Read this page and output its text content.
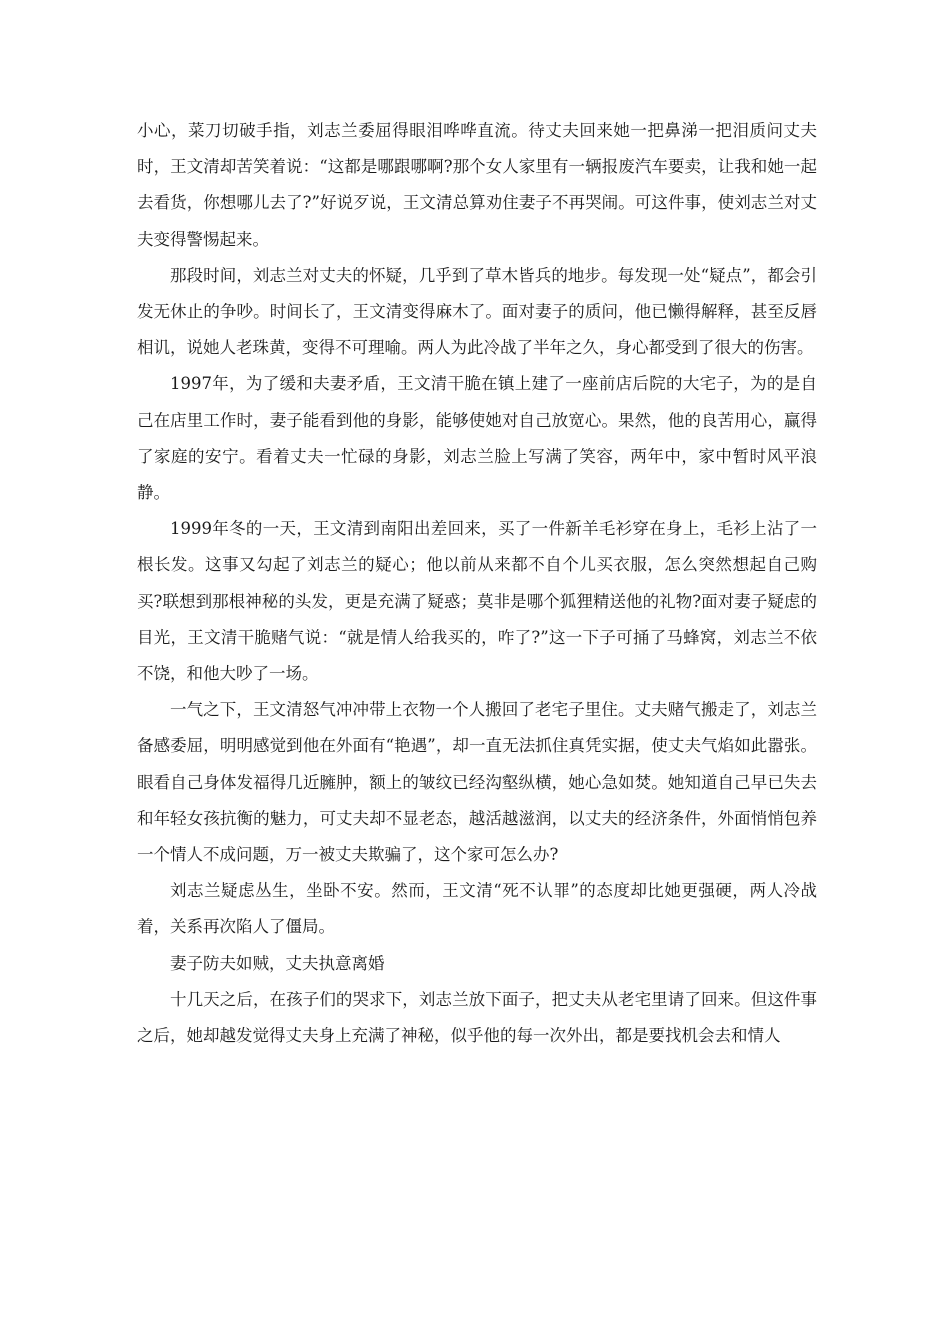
小心，菜刀切破手指，刘志兰委屈得眼泪哗哗直流。待丈夫回来她一把鼻涕一把泪质问丈夫时，王文清却苦笑着说：“这都是哪跟哪啊?那个女人家里有一辆报废汽车要卖，让我和她一起去看货，你想哪儿去了?”好说歹说，王文清总算劝住妻子不再哭闹。可这件事，使刘志兰对丈夫变得警惕起来。

那段时间，刘志兰对丈夫的怀疑，几乎到了草木皆兵的地步。每发现一处“疑点”，都会引发无休止的争吵。时间长了，王文清变得麻木了。面对妻子的质问，他已懒得解释，甚至反唇相讥，说她人老珠黄，变得不可理喻。两人为此冷战了半年之久，身心都受到了很大的伤害。

1997年，为了缓和夫妻矛盾，王文清干脆在镇上建了一座前店后院的大宅子，为的是自己在店里工作时，妻子能看到他的身影，能够使她对自己放宽心。果然，他的良苦用心，赢得了家庭的安宁。看着丈夫一忙碌的身影，刘志兰脸上写满了笑容，两年中，家中暂时风平浪静。

1999年冬的一天，王文清到南阳出差回来，买了一件新羊毛衫穿在身上，毛衫上沾了一根长发。这事又勾起了刘志兰的疑心；他以前从来都不自个儿买衣服，怎么突然想起自己购买?联想到那根神秘的头发，更是充满了疑惑；莫非是哪个狐狸精送他的礼物?面对妻子疑虑的目光，王文清干脆赌气说：“就是情人给我买的，咋了?”这一下子可捅了马蜂窝，刘志兰不依不饶，和他大吵了一场。

一气之下，王文清怒气冲冲带上衣物一个人搬回了老宅子里住。丈夫赌气搬走了，刘志兰备感委屈，明明感觉到他在外面有“艳遇”，却一直无法抓住真凭实据，使丈夫气焰如此嚣张。眼看自己身体发福得几近臃肿，额上的皱纹已经沟壑纵横，她心急如焚。她知道自己早已失去和年轻女孩抗衡的魅力，可丈夫却不显老态，越活越滋润，以丈夫的经济条件，外面悄悄包养一个情人不成问题，万一被丈夫欺骗了，这个家可怎么办?

刘志兰疑虑丛生，坐卧不安。然而，王文清“死不认罪”的态度却比她更强硬，两人冷战着，关系再次陷人了僵局。

妻子防夫如贼，丈夫执意离婚

十几天之后，在孩子们的哭求下，刘志兰放下面子，把丈夫从老宅里请了回来。但这件事之后，她却越发觉得丈夫身上充满了神秘，似乎他的每一次外出，都是要找机会去和情人
